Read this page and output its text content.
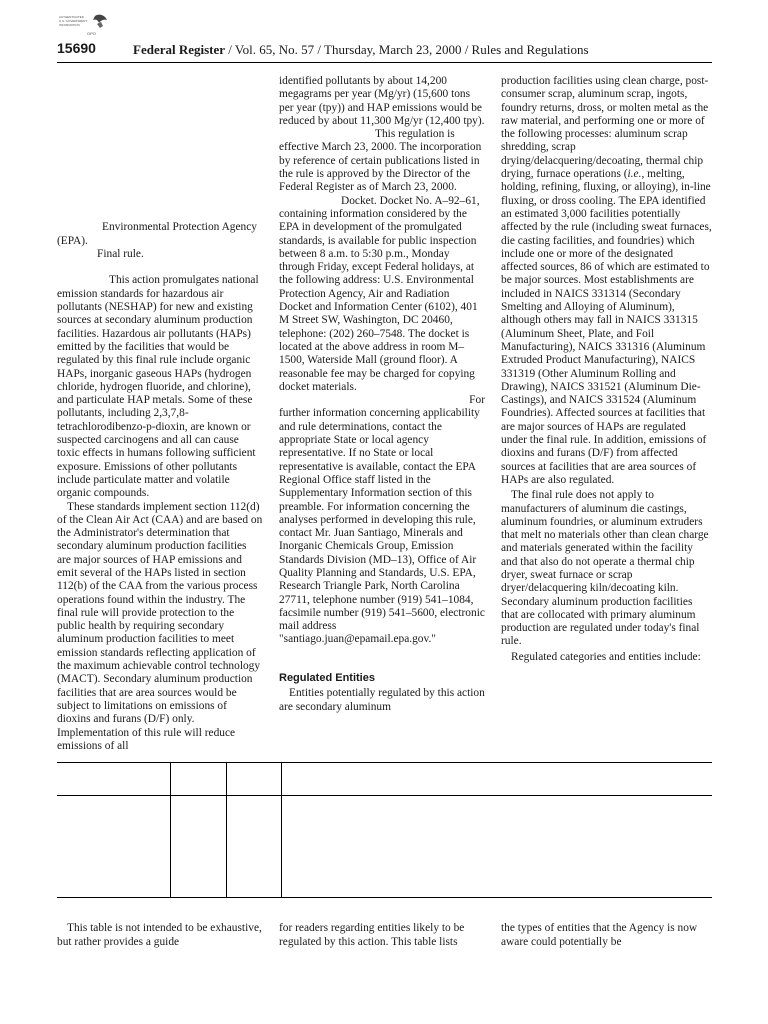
AUTHENTICATED
U.S. GOVERNMENT
INFORMATION
GPO
15690	Federal Register / Vol. 65, No. 57 / Thursday, March 23, 2000 / Rules and Regulations

Environmental Protection Agency (EPA).

Final rule.

This action promulgates national emission standards for hazardous air pollutants (NESHAP) for new and existing sources at secondary aluminum production facilities. Hazardous air pollutants (HAPs) emitted by the facilities that would be regulated by this final rule include organic HAPs, inorganic gaseous HAPs (hydrogen chloride, hydrogen fluoride, and chlorine), and particulate HAP metals. Some of these pollutants, including 2,3,7,8-tetrachlorodibenzo-p-dioxin, are known or suspected carcinogens and all can cause toxic effects in humans following sufficient exposure. Emissions of other pollutants include particulate matter and volatile organic compounds.

These standards implement section 112(d) of the Clean Air Act (CAA) and are based on the Administrator's determination that secondary aluminum production facilities are major sources of HAP emissions and emit several of the HAPs listed in section 112(b) of the CAA from the various process operations found within the industry. The final rule will provide protection to the public health by requiring secondary aluminum production facilities to meet emission standards reflecting application of the maximum achievable control technology (MACT). Secondary aluminum production facilities that are area sources would be subject to limitations on emissions of dioxins and furans (D/F) only. Implementation of this rule will reduce emissions of all

identified pollutants by about 14,200 megagrams per year (Mg/yr) (15,600 tons per year (tpy)) and HAP emissions would be reduced by about 11,300 Mg/yr (12,400 tpy).

This regulation is effective March 23, 2000. The incorporation by reference of certain publications listed in the rule is approved by the Director of the Federal Register as of March 23, 2000.

Docket. Docket No. A–92–61, containing information considered by the EPA in development of the promulgated standards, is available for public inspection between 8 a.m. to 5:30 p.m., Monday through Friday, except Federal holidays, at the following address: U.S. Environmental Protection Agency, Air and Radiation Docket and Information Center (6102), 401 M Street SW, Washington, DC 20460, telephone: (202) 260–7548. The docket is located at the above address in room M–1500, Waterside Mall (ground floor). A reasonable fee may be charged for copying docket materials.

For

further information concerning applicability and rule determinations, contact the appropriate State or local agency representative. If no State or local representative is available, contact the EPA Regional Office staff listed in the Supplementary Information section of this preamble. For information concerning the analyses performed in developing this rule, contact Mr. Juan Santiago, Minerals and Inorganic Chemicals Group, Emission Standards Division (MD–13), Office of Air Quality Planning and Standards, U.S. EPA, Research Triangle Park, North Carolina 27711, telephone number (919) 541–1084, facsimile number (919) 541–5600, electronic mail address "santiago.juan@epamail.epa.gov."

Regulated Entities

Entities potentially regulated by this action are secondary aluminum

production facilities using clean charge, post-consumer scrap, aluminum scrap, ingots, foundry returns, dross, or molten metal as the raw material, and performing one or more of the following processes: aluminum scrap shredding, scrap drying/delacquering/decoating, thermal chip drying, furnace operations (i.e., melting, holding, refining, fluxing, or alloying), in-line fluxing, or dross cooling. The EPA identified an estimated 3,000 facilities potentially affected by the rule (including sweat furnaces, die casting facilities, and foundries) which include one or more of the designated affected sources, 86 of which are estimated to be major sources. Most establishments are included in NAICS 331314 (Secondary Smelting and Alloying of Aluminum), although others may fall in NAICS 331315 (Aluminum Sheet, Plate, and Foil Manufacturing), NAICS 331316 (Aluminum Extruded Product Manufacturing), NAICS 331319 (Other Aluminum Rolling and Drawing), NAICS 331521 (Aluminum Die-Castings), and NAICS 331524 (Aluminum Foundries). Affected sources at facilities that are major sources of HAPs are regulated under the final rule. In addition, emissions of dioxins and furans (D/F) from affected sources at facilities that are area sources of HAPs are also regulated.

The final rule does not apply to manufacturers of aluminum die castings, aluminum foundries, or aluminum extruders that melt no materials other than clean charge and materials generated within the facility and that also do not operate a thermal chip dryer, sweat furnace or scrap dryer/delacquering kiln/decoating kiln. Secondary aluminum production facilities that are collocated with primary aluminum production are regulated under today's final rule.

Regulated categories and entities include:

This table is not intended to be exhaustive, but rather provides a guide

for readers regarding entities likely to be regulated by this action. This table lists

the types of entities that the Agency is now aware could potentially be
